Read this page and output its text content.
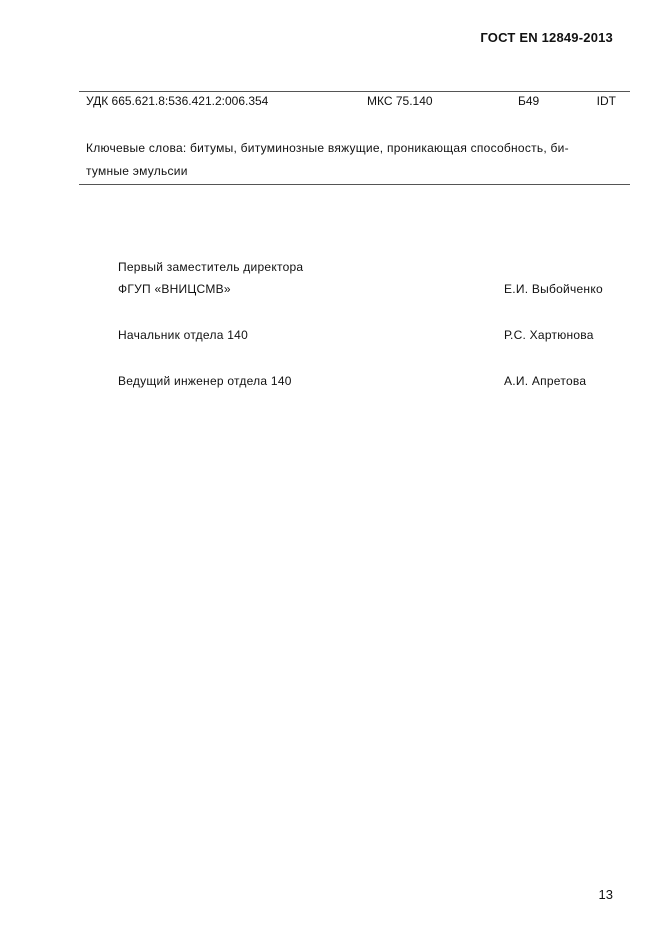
ГОСТ EN 12849-2013
УДК 665.621.8:536.421.2:006.354	МКС 75.140	Б49	IDT
Ключевые слова: битумы, битуминозные вяжущие, проникающая способность, би-
тумные эмульсии
Первый заместитель директора
ФГУП «ВНИЦСМВ»	Е.И. Выбойченко
Начальник отдела 140	Р.С. Хартюнова
Ведущий инженер отдела 140	А.И. Апретова
13
